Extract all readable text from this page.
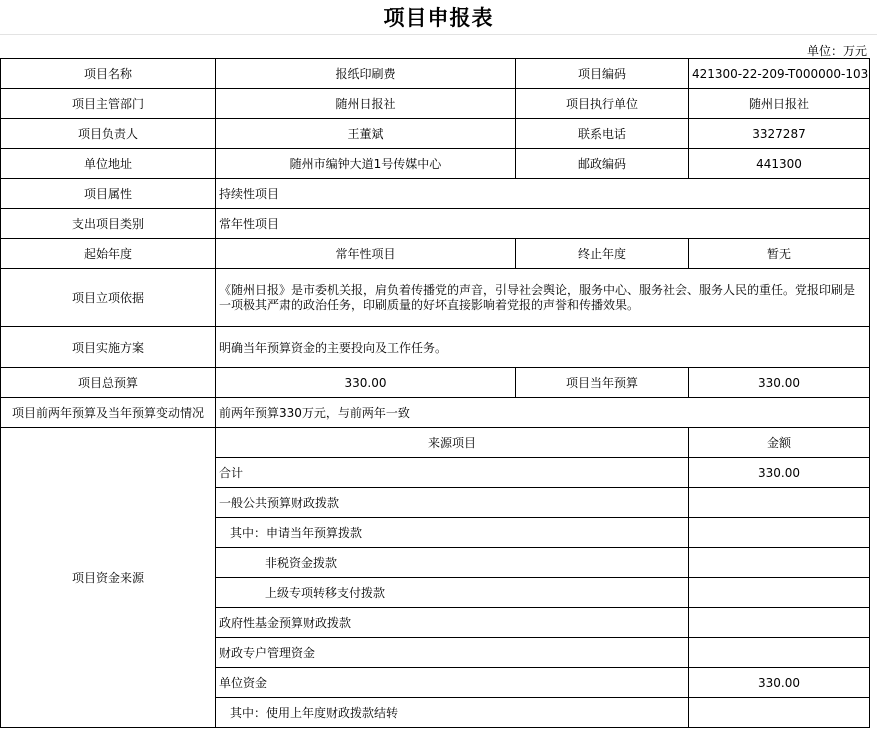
项目申报表
单位：万元
项目名称	报纸印刷费	项目编码	421300-22-209-T000000-103
项目主管部门	随州日报社	项目执行单位	随州日报社
项目负责人	王董斌	联系电话	3327287
单位地址	随州市编钟大道1号传媒中心	邮政编码	441300
项目属性	持续性项目		
支出项目类别	常年性项目		
起始年度	常年性项目	终止年度	暂无
项目立项依据	《随州日报》是市委机关报，肩负着传播党的声音，引导社会舆论，服务中心、服务社会、服务人民的重任。党报印刷是一项极其严肃的政治任务，印刷质量的好坏直接影响着党报的声誉和传播效果。		
项目实施方案	明确当年预算资金的主要投向及工作任务。		
项目总预算	330.00	项目当年预算	330.00
项目前两年预算及当年预算变动情况	前两年预算330万元，与前两年一致		
项目资金来源	来源项目		金额
	合计		330.00
	一般公共预算财政拨款		
	其中：申请当年预算拨款		
	非税资金拨款		
	上级专项转移支付拨款		
	政府性基金预算财政拨款		
	财政专户管理资金		
	单位资金		330.00
	其中：使用上年度财政拨款结转		
